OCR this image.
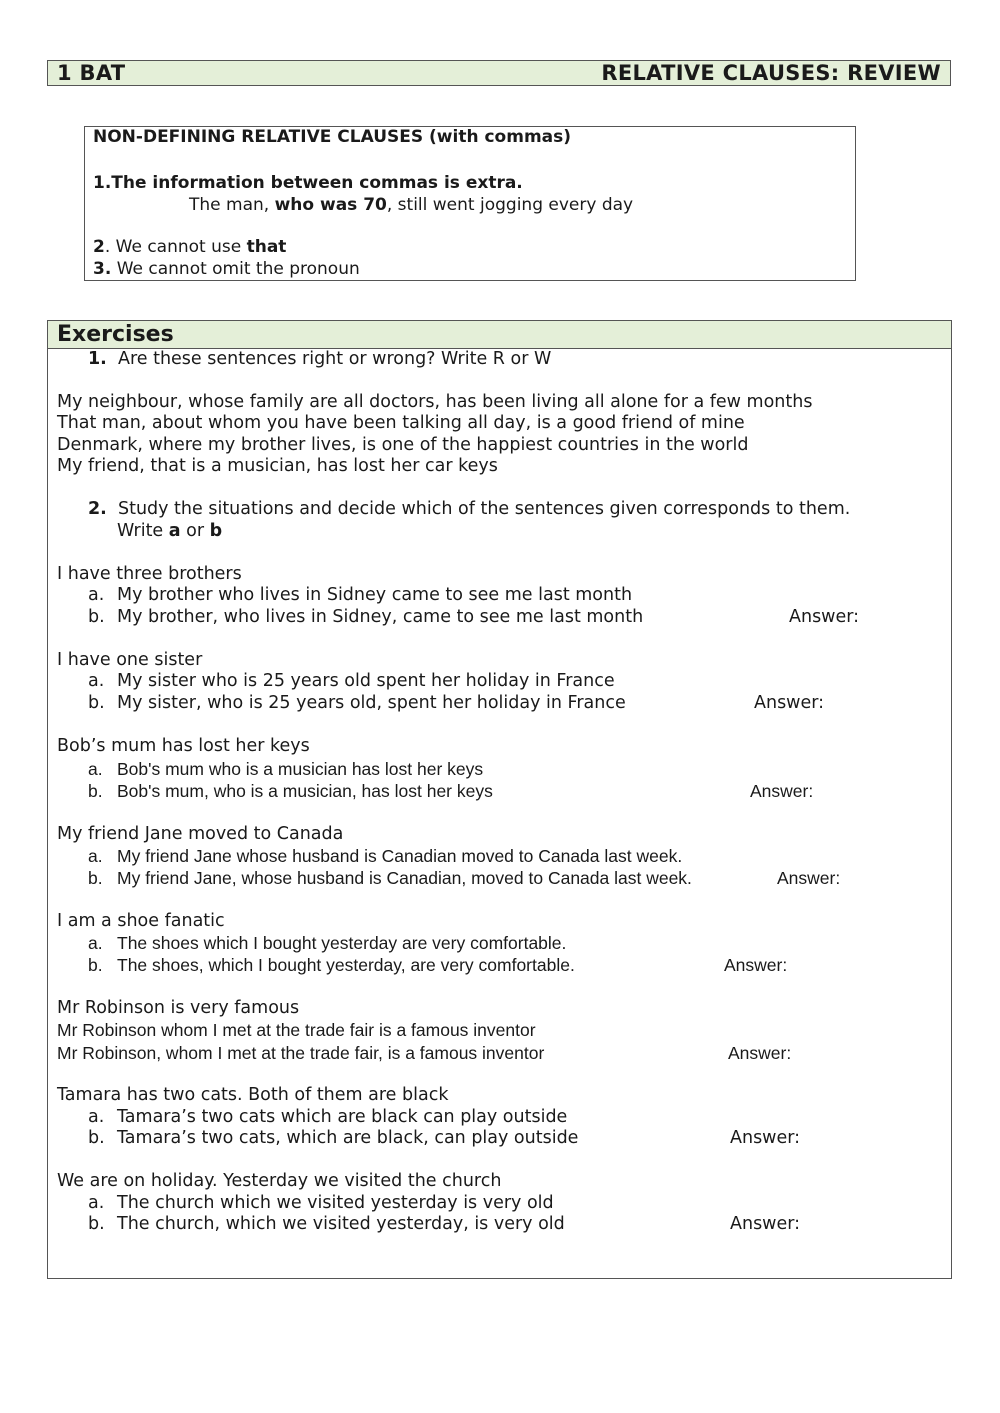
1 BAT	RELATIVE CLAUSES: REVIEW
NON-DEFINING RELATIVE CLAUSES (with commas)
1.The information between commas is extra.
The man, who was 70, still went jogging every day
2. We cannot use that
3. We cannot omit the pronoun
Exercises
1. Are these sentences right or wrong? Write R or W
My neighbour, whose family are all doctors, has been living all alone for a few months
That man, about whom you have been talking all day, is a good friend of mine
Denmark, where my brother lives, is one of the happiest countries in the world
My friend, that is a musician, has lost her car keys
2. Study the situations and decide which of the sentences given corresponds to them.
Write a or b
I have three brothers
a. My brother who lives in Sidney came to see me last month
b. My brother, who lives in Sidney, came to see me last month	Answer:
I have one sister
a. My sister who is 25 years old spent her holiday in France
b. My sister, who is 25 years old, spent her holiday in France	Answer:
Bob’s mum has lost her keys
a. Bob's mum who is a musician has lost her keys
b. Bob's mum, who is a musician, has lost her keys	Answer:
My friend Jane moved to Canada
a. My friend Jane whose husband is Canadian moved to Canada last week.
b. My friend Jane, whose husband is Canadian, moved to Canada last week.	Answer:
I am a shoe fanatic
a. The shoes which I bought yesterday are very comfortable.
b. The shoes, which I bought yesterday, are very comfortable.	Answer:
Mr Robinson is very famous
Mr Robinson whom I met at the trade fair is a famous inventor
Mr Robinson, whom I met at the trade fair, is a famous inventor	Answer:
Tamara has two cats. Both of them are black
a. Tamara’s two cats which are black can play outside
b. Tamara’s two cats, which are black, can play outside	Answer:
We are on holiday. Yesterday we visited the church
a. The church which we visited yesterday is very old
b. The church, which we visited yesterday, is very old	Answer:
